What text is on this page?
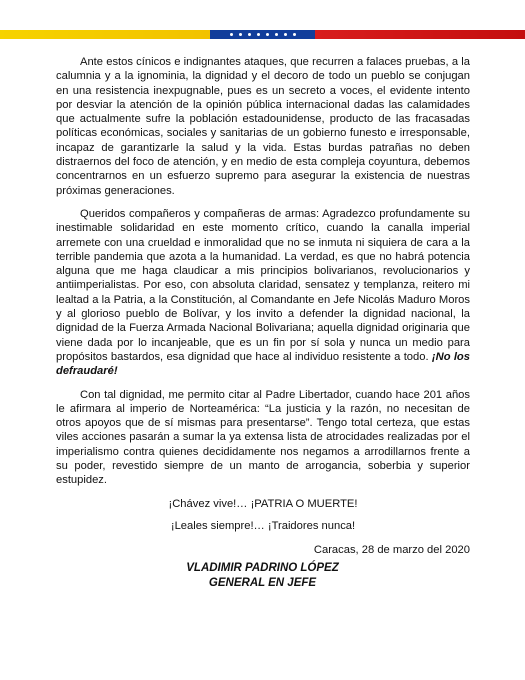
Ante estos cínicos e indignantes ataques, que recurren a falaces pruebas, a la calumnia y a la ignominia, la dignidad y el decoro de todo un pueblo se conjugan en una resistencia inexpugnable, pues es un secreto a voces, el evidente intento por desviar la atención de la opinión pública internacional dadas las calamidades que actualmente sufre la población estadounidense, producto de las fracasadas políticas económicas, sociales y sanitarias de un gobierno funesto e irresponsable, incapaz de garantizarle la salud y la vida. Estas burdas patrañas no deben distraernos del foco de atención, y en medio de esta compleja coyuntura, debemos concentrarnos en un esfuerzo supremo para asegurar la existencia de nuestras próximas generaciones.

Queridos compañeros y compañeras de armas: Agradezco profundamente su inestimable solidaridad en este momento crítico, cuando la canalla imperial arremete con una crueldad e inmoralidad que no se inmuta ni siquiera de cara a la terrible pandemia que azota a la humanidad. La verdad, es que no habrá potencia alguna que me haga claudicar a mis principios bolivarianos, revolucionarios y antiimperialistas. Por eso, con absoluta claridad, sensatez y templanza, reitero mi lealtad a la Patria, a la Constitución, al Comandante en Jefe Nicolás Maduro Moros y al glorioso pueblo de Bolívar, y los invito a defender la dignidad nacional, la dignidad de la Fuerza Armada Nacional Bolivariana; aquella dignidad originaria que viene dada por lo incanjeable, que es un fin por sí sola y nunca un medio para propósitos bastardos, esa dignidad que hace al individuo resistente a todo. ¡No los defraudaré!

Con tal dignidad, me permito citar al Padre Libertador, cuando hace 201 años le afirmara al imperio de Norteamérica: “La justicia y la razón, no necesitan de otros apoyos que de sí mismas para presentarse”. Tengo total certeza, que estas viles acciones pasarán a sumar la ya extensa lista de atrocidades realizadas por el imperialismo contra quienes decididamente nos negamos a arrodillarnos frente a su poder, revestido siempre de un manto de arrogancia, soberbia y superior estupidez.

¡Chávez vive!… ¡PATRIA O MUERTE!
¡Leales siempre!… ¡Traidores nunca!
Caracas, 28 de marzo del 2020
VLADIMIR PADRINO LÓPEZ
GENERAL EN JEFE
